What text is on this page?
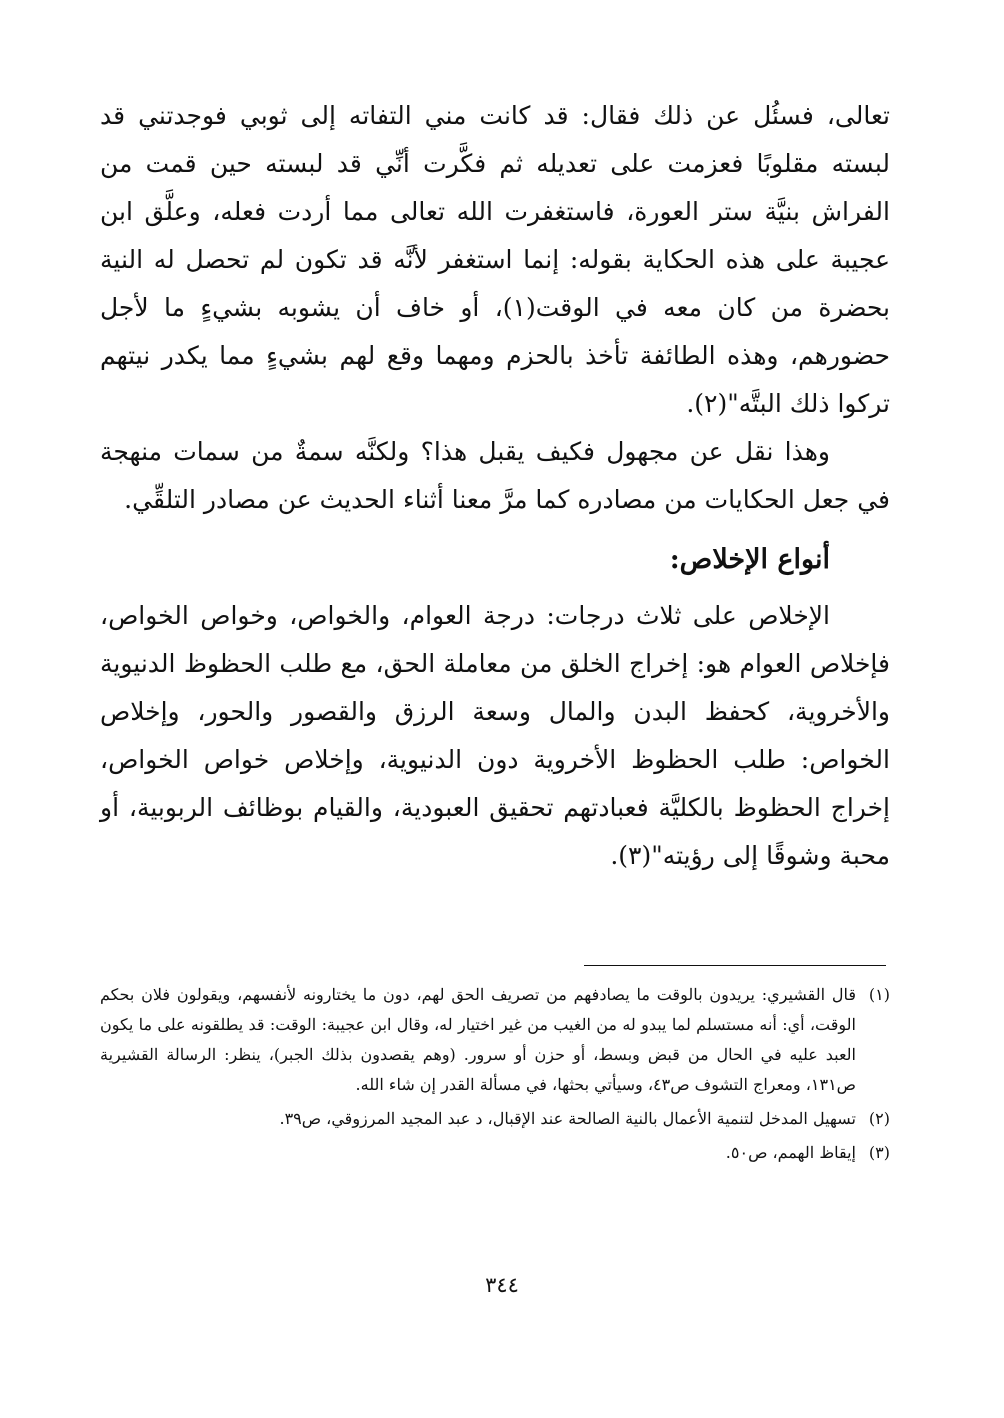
تعالى، فسئُل عن ذلك فقال: قد كانت مني التفاته إلى ثوبي فوجدتني قد لبسته مقلوبًا فعزمت على تعديله ثم فكَّرت أنِّي قد لبسته حين قمت من الفراش بنيَّة ستر العورة، فاستغفرت الله تعالى مما أردت فعله، وعلَّق ابن عجيبة على هذه الحكاية بقوله: إنما استغفر لأنَّه قد تكون لم تحصل له النية بحضرة من كان معه في الوقت(١)، أو خاف أن يشوبه بشيءٍ ما لأجل حضورهم، وهذه الطائفة تأخذ بالحزم ومهما وقع لهم بشيءٍ مما يكدر نيتهم تركوا ذلك البتَّه"(٢).

وهذا نقل عن مجهول فكيف يقبل هذا؟ ولكنَّه سمةٌ من سمات منهجة في جعل الحكايات من مصادره كما مرَّ معنا أثناء الحديث عن مصادر التلقِّي.

أنواع الإخلاص:

الإخلاص على ثلاث درجات: درجة العوام، والخواص، وخواص الخواص، فإخلاص العوام هو: إخراج الخلق من معاملة الحق، مع طلب الحظوظ الدنيوية والأخروية، كحفظ البدن والمال وسعة الرزق والقصور والحور، وإخلاص الخواص: طلب الحظوظ الأخروية دون الدنيوية، وإخلاص خواص الخواص، إخراج الحظوظ بالكليَّة فعبادتهم تحقيق العبودية، والقيام بوظائف الربوبية، أو محبة وشوقًا إلى رؤيته"(٣).

(١)
قال القشيري: يريدون بالوقت ما يصادفهم من تصريف الحق لهم، دون ما يختارونه لأنفسهم، ويقولون فلان بحكم الوقت، أي: أنه مستسلم لما يبدو له من الغيب من غير اختيار له، وقال ابن عجيبة: الوقت: قد يطلقونه على ما يكون العبد عليه في الحال من قبض وبسط، أو حزن أو سرور. (وهم يقصدون بذلك الجبر)، ينظر: الرسالة القشيرية ص١٣١، ومعراج التشوف ص٤٣، وسيأتي بحثها، في مسألة القدر إن شاء الله.
(٢)
تسهيل المدخل لتنمية الأعمال بالنية الصالحة عند الإقبال، د عبد المجيد المرزوقي، ص٣٩.
(٣)
إيقاظ الهمم، ص٥٠.
٣٤٤
